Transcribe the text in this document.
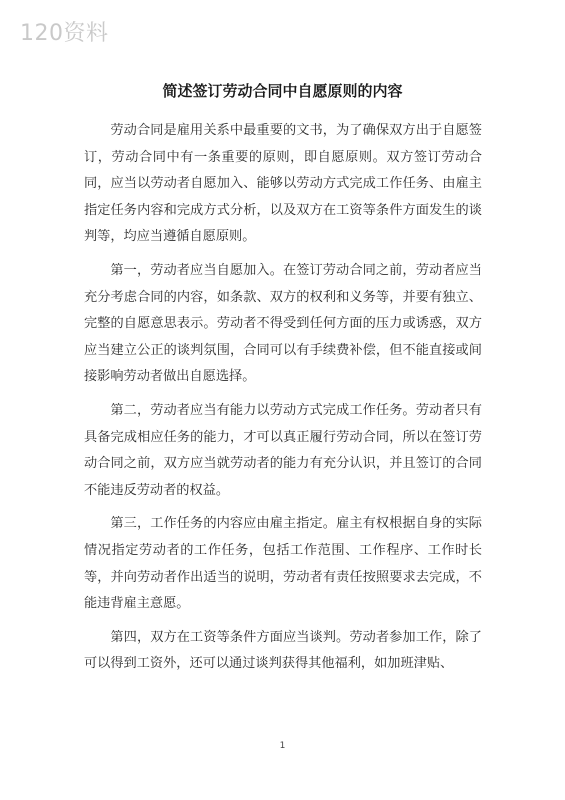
120资料
简述签订劳动合同中自愿原则的内容

劳动合同是雇用关系中最重要的文书，为了确保双方出于自愿签订，劳动合同中有一条重要的原则，即自愿原则。双方签订劳动合同，应当以劳动者自愿加入、能够以劳动方式完成工作任务、由雇主指定任务内容和完成方式分析，以及双方在工资等条件方面发生的谈判等，均应当遵循自愿原则。

第一，劳动者应当自愿加入。在签订劳动合同之前，劳动者应当充分考虑合同的内容，如条款、双方的权利和义务等，并要有独立、完整的自愿意思表示。劳动者不得受到任何方面的压力或诱惑，双方应当建立公正的谈判氛围，合同可以有手续费补偿，但不能直接或间接影响劳动者做出自愿选择。

第二，劳动者应当有能力以劳动方式完成工作任务。劳动者只有具备完成相应任务的能力，才可以真正履行劳动合同，所以在签订劳动合同之前，双方应当就劳动者的能力有充分认识，并且签订的合同不能违反劳动者的权益。

第三，工作任务的内容应由雇主指定。雇主有权根据自身的实际情况指定劳动者的工作任务，包括工作范围、工作程序、工作时长等，并向劳动者作出适当的说明，劳动者有责任按照要求去完成，不能违背雇主意愿。

第四，双方在工资等条件方面应当谈判。劳动者参加工作，除了可以得到工资外，还可以通过谈判获得其他福利，如加班津贴、

1
